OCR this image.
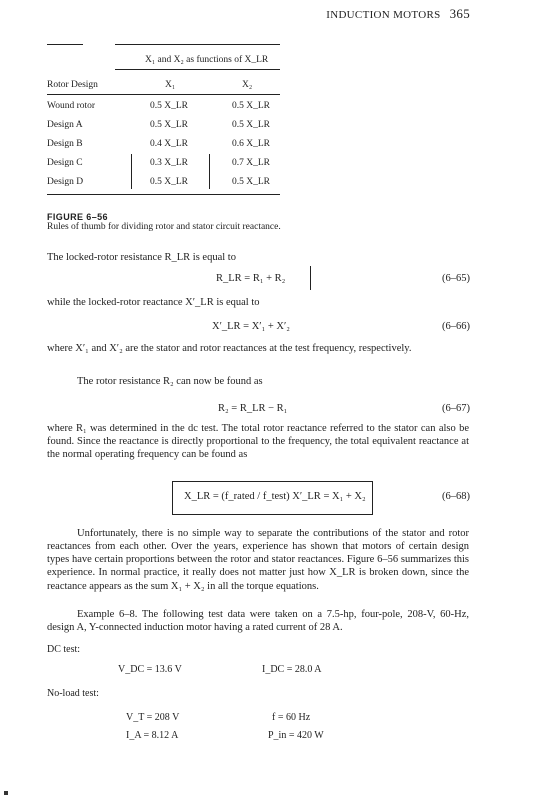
INDUCTION MOTORS 365
X₁ and X₂ as functions of X_LR
Rotor Design	X₁	X₂
Wound rotor	0.5 X_LR	0.5 X_LR
Design A	0.5 X_LR	0.5 X_LR
Design B	0.4 X_LR	0.6 X_LR
Design C	0.3 X_LR	0.7 X_LR
Design D	0.5 X_LR	0.5 X_LR
FIGURE 6–56
Rules of thumb for dividing rotor and stator circuit reactance.
The locked-rotor resistance R_LR is equal to
R_LR = R₁ + R₂	(6–65)
while the locked-rotor reactance X′_LR is equal to
X′_LR = X′₁ + X′₂	(6–66)
where X′₁ and X′₂ are the stator and rotor reactances at the test frequency, respectively.
The rotor resistance R₂ can now be found as
R₂ = R_LR − R₁	(6–67)
where R₁ was determined in the dc test. The total rotor reactance referred to the stator can also be found. Since the reactance is directly proportional to the frequency, the total equivalent reactance at the normal operating frequency can be found as
X_LR = (f_rated / f_test) X′_LR = X₁ + X₂	(6–68)
Unfortunately, there is no simple way to separate the contributions of the stator and rotor reactances from each other. Over the years, experience has shown that motors of certain design types have certain proportions between the rotor and stator reactances. Figure 6–56 summarizes this experience. In normal practice, it really does not matter just how X_LR is broken down, since the reactance appears as the sum X₁ + X₂ in all the torque equations.
Example 6–8. The following test data were taken on a 7.5-hp, four-pole, 208-V, 60-Hz, design A, Y-connected induction motor having a rated current of 28 A.
DC test:
V_DC = 13.6 V	I_DC = 28.0 A
No-load test:
V_T = 208 V	f = 60 Hz
I_A = 8.12 A	P_in = 420 W
